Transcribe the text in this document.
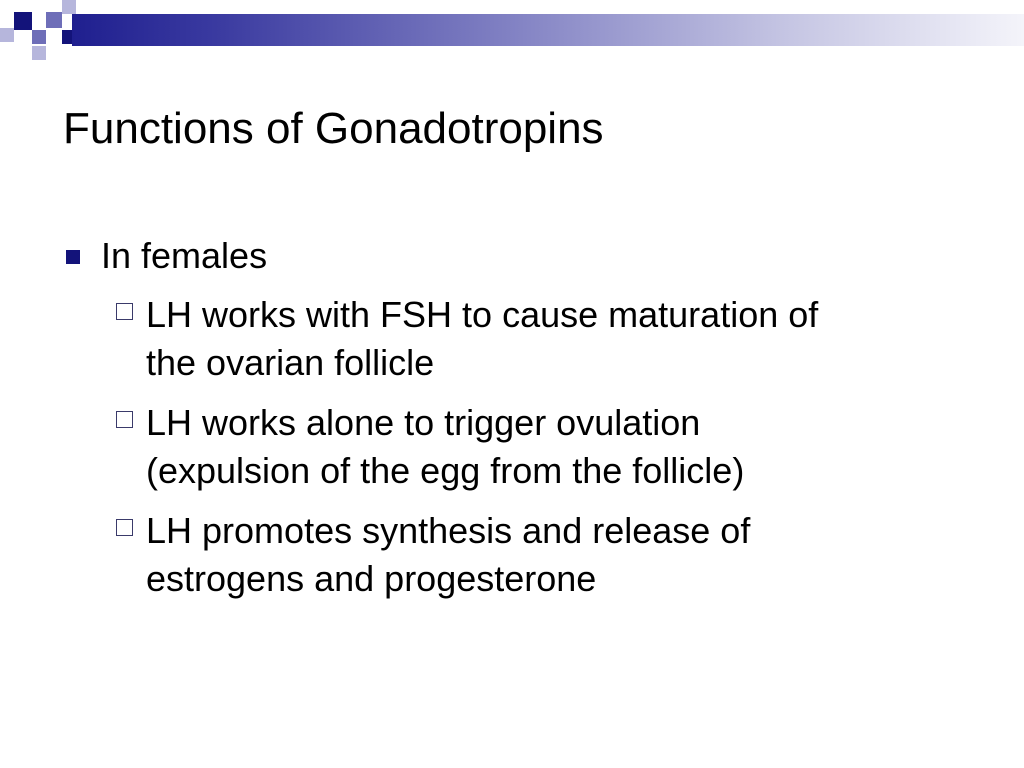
Functions of Gonadotropins
In females
LH works with FSH to cause maturation of
the ovarian follicle
LH works alone to trigger ovulation
(expulsion of the egg from the follicle)
LH promotes synthesis and release of
estrogens and progesterone
